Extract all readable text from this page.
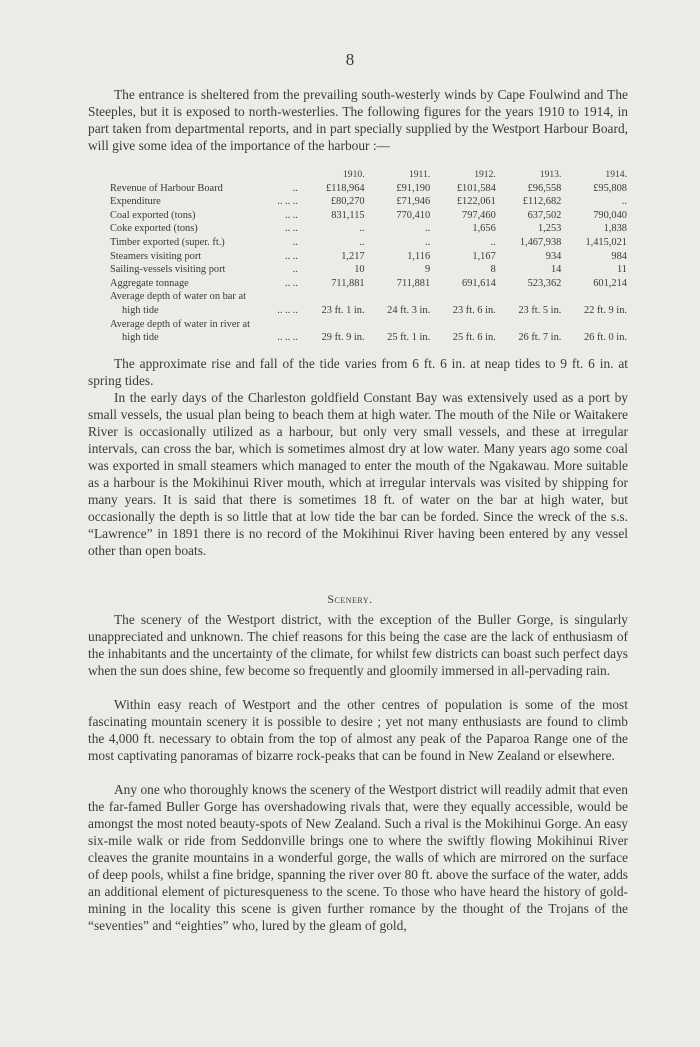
8

The entrance is sheltered from the prevailing south-westerly winds by Cape Foulwind and The Steeples, but it is exposed to north-westerlies. The following figures for the years 1910 to 1914, in part taken from departmental reports, and in part specially supplied by the Westport Harbour Board, will give some idea of the importance of the harbour :—

	1910.	1911.	1912.	1913.	1914.
Revenue of Harbour Board ..	£118,964	£91,190	£101,584	£96,558	£95,808
Expenditure .. .. ..	£80,270	£71,946	£122,061	£112,682	..
Coal exported (tons) .. ..	831,115	770,410	797,460	637,502	790,040
Coke exported (tons) .. ..	..	..	1,656	1,253	1,838
Timber exported (super. ft.) ..	..	..	..	1,467,938	1,415,021
Steamers visiting port .. ..	1,217	1,116	1,167	934	984
Sailing-vessels visiting port ..	10	9	8	14	11
Aggregate tonnage .. ..	711,881	711,881	691,614	523,362	601,214
Average depth of water on bar at					
high tide .. .. ..	23 ft. 1 in.	24 ft. 3 in.	23 ft. 6 in.	23 ft. 5 in.	22 ft. 9 in.
Average depth of water in river at					
high tide .. .. ..	29 ft. 9 in.	25 ft. 1 in.	25 ft. 6 in.	26 ft. 7 in.	26 ft. 0 in.

The approximate rise and fall of the tide varies from 6 ft. 6 in. at neap tides to 9 ft. 6 in. at spring tides.

In the early days of the Charleston goldfield Constant Bay was extensively used as a port by small vessels, the usual plan being to beach them at high water. The mouth of the Nile or Waitakere River is occasionally utilized as a harbour, but only very small vessels, and these at irregular intervals, can cross the bar, which is sometimes almost dry at low water. Many years ago some coal was exported in small steamers which managed to enter the mouth of the Ngakawau. More suitable as a harbour is the Mokihinui River mouth, which at irregular intervals was visited by shipping for many years. It is said that there is sometimes 18 ft. of water on the bar at high water, but occasionally the depth is so little that at low tide the bar can be forded. Since the wreck of the s.s. “Lawrence” in 1891 there is no record of the Mokihinui River having been entered by any vessel other than open boats.

Scenery.

The scenery of the Westport district, with the exception of the Buller Gorge, is singularly unappreciated and unknown. The chief reasons for this being the case are the lack of enthusiasm of the inhabitants and the uncertainty of the climate, for whilst few districts can boast such perfect days when the sun does shine, few become so frequently and gloomily immersed in all-pervading rain.

Within easy reach of Westport and the other centres of population is some of the most fascinating mountain scenery it is possible to desire ; yet not many enthusiasts are found to climb the 4,000 ft. necessary to obtain from the top of almost any peak of the Paparoa Range one of the most captivating panoramas of bizarre rock-peaks that can be found in New Zealand or elsewhere.

Any one who thoroughly knows the scenery of the Westport district will readily admit that even the far-famed Buller Gorge has overshadowing rivals that, were they equally accessible, would be amongst the most noted beauty-spots of New Zealand. Such a rival is the Mokihinui Gorge. An easy six-mile walk or ride from Seddonville brings one to where the swiftly flowing Mokihinui River cleaves the granite mountains in a wonderful gorge, the walls of which are mirrored on the surface of deep pools, whilst a fine bridge, spanning the river over 80 ft. above the surface of the water, adds an additional element of picturesqueness to the scene. To those who have heard the history of gold-mining in the locality this scene is given further romance by the thought of the Trojans of the “seventies” and “eighties” who, lured by the gleam of gold,
